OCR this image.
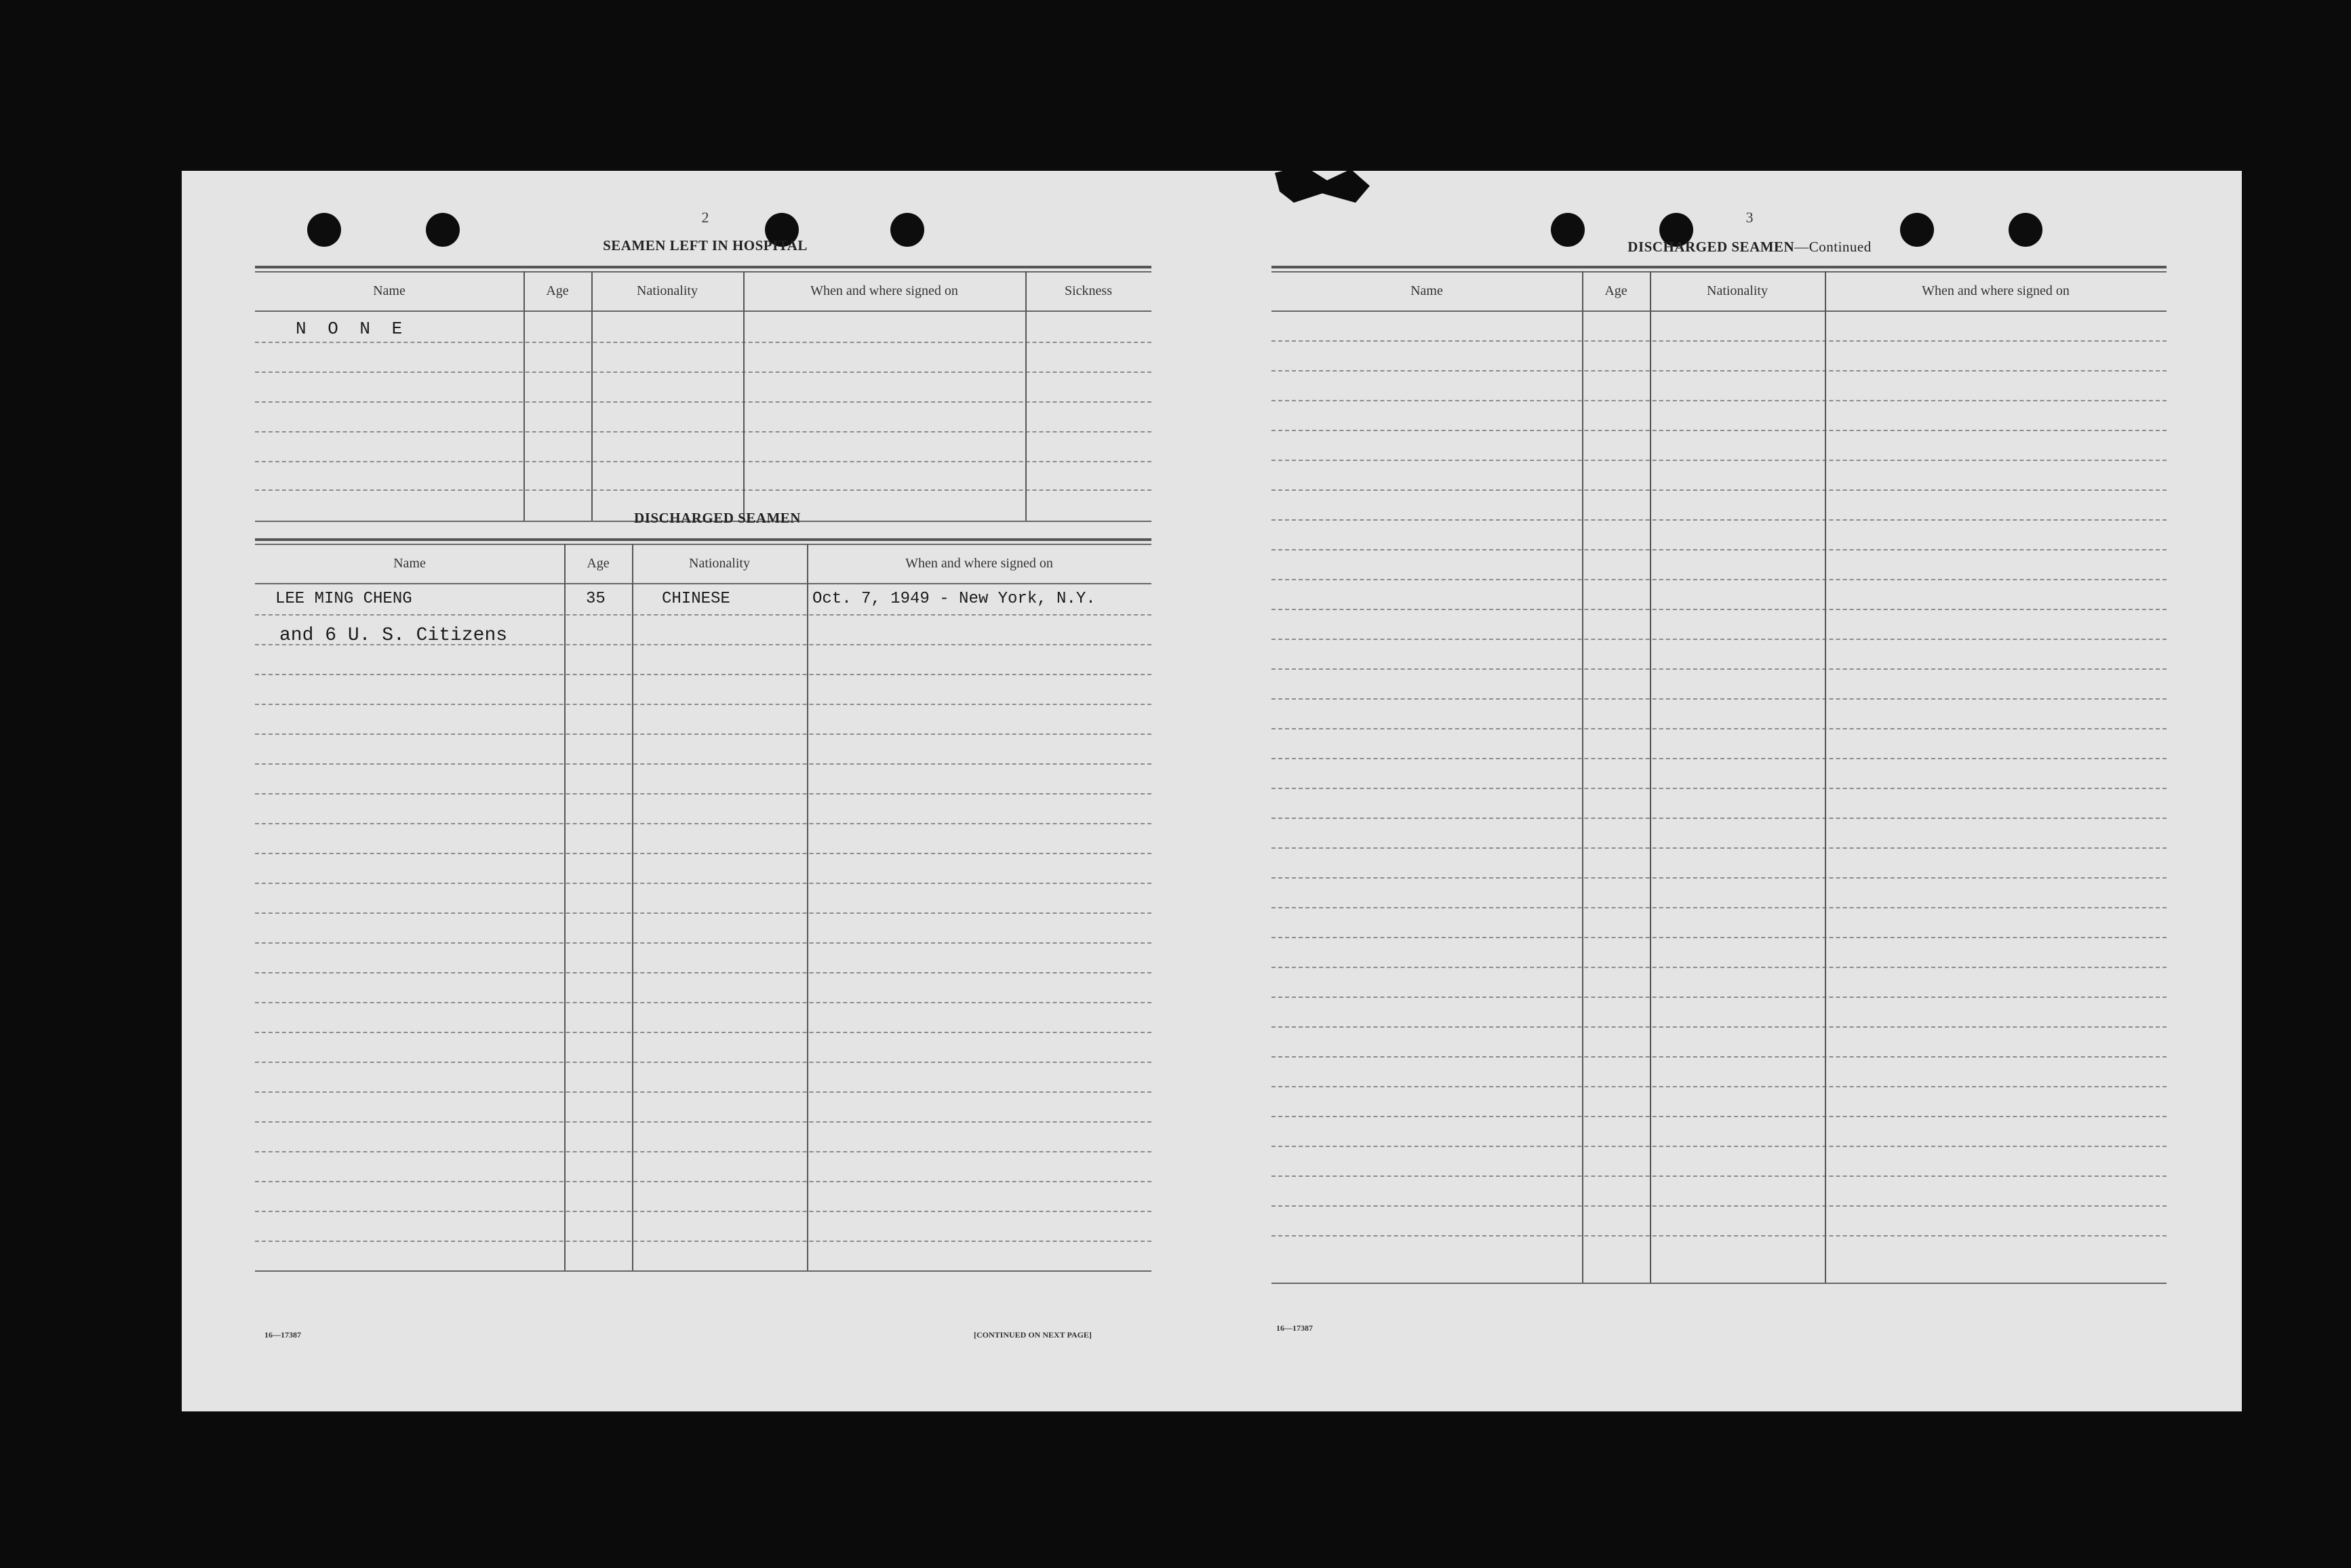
2
SEAMEN LEFT IN HOSPITAL
Name	Age	Nationality	When and where signed on	Sickness
N O N E
DISCHARGED SEAMEN
Name	Age	Nationality	When and where signed on
LEE MING CHENG	35	CHINESE	Oct. 7, 1949 - New York, N.Y.
and 6 U. S. Citizens
16—17387	[CONTINUED ON NEXT PAGE]
3
DISCHARGED SEAMEN—Continued
Name	Age	Nationality	When and where signed on
16—17387
